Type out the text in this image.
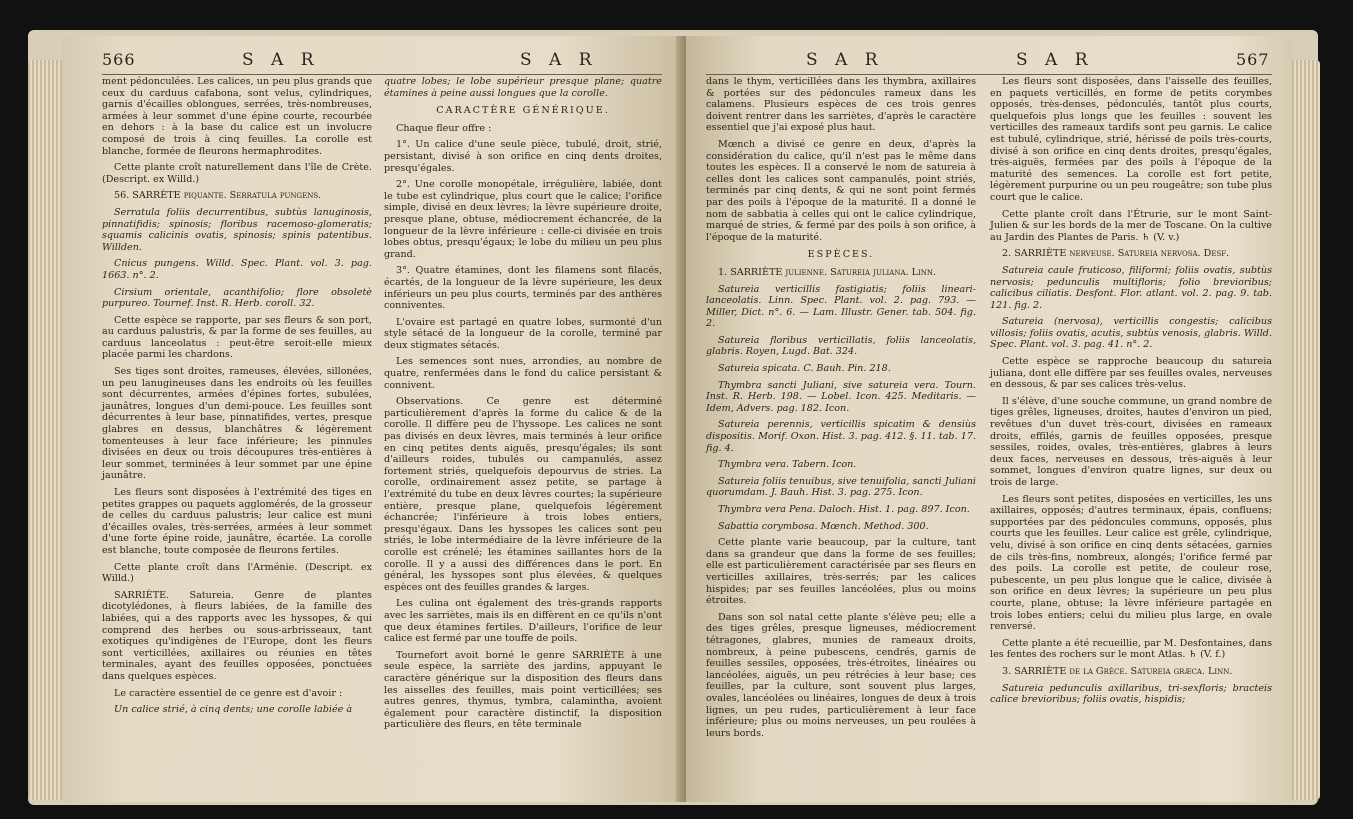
566	S A R	S A R

ment pédonculées. Les calices, un peu plus grands que ceux du carduus cafabona, sont velus, cylindriques, garnis d'écailles oblongues, serrées, très-nombreuses, armées à leur sommet d'une épine courte, recourbée en dehors : à la base du calice est un involucre composé de trois à cinq feuilles. La corolle est blanche, formée de fleurons hermaphrodites.

Cette plante croît naturellement dans l'île de Crète. (Descript. ex Willd.)

56. SARRÈTE piquante. Serratula pungens.

Serratula foliis decurrentibus, subtùs lanuginosis, pinnatifidis; spinosis; floribus racemoso-glomeratis; squamis calicinis ovatis, spinosis; spinis patentibus. Willden.

Cnicus pungens. Willd. Spec. Plant. vol. 3. pag. 1663. n°. 2.

Cirsium orientale, acanthifolio; flore obsoletè purpureo. Tournef. Inst. R. Herb. coroll. 32.

Cette espèce se rapporte, par ses fleurs & son port, au carduus palustris, & par la forme de ses feuilles, au carduus lanceolatus : peut-être seroit-elle mieux placée parmi les chardons.

Ses tiges sont droites, rameuses, élevées, sillonées, un peu lanugineuses dans les endroits où les feuilles sont décurrentes, armées d'épines fortes, subulées, jaunâtres, longues d'un demi-pouce. Les feuilles sont décurrentes à leur base, pinnatifides, vertes, presque glabres en dessus, blanchâtres & légèrement tomenteuses à leur face inférieure; les pinnules divisées en deux ou trois découpures très-entières à leur sommet, terminées à leur sommet par une épine jaunâtre.

Les fleurs sont disposées à l'extrémité des tiges en petites grappes ou paquets agglomérés, de la grosseur de celles du carduus palustris; leur calice est muni d'écailles ovales, très-serrées, armées à leur sommet d'une forte épine roide, jaunâtre, écartée. La corolle est blanche, toute composée de fleurons fertiles.

Cette plante croît dans l'Arménie. (Descript. ex Willd.)

SARRIÈTE. Satureia. Genre de plantes dicotylédones, à fleurs labiées, de la famille des labiées, qui a des rapports avec les hyssopes, & qui comprend des herbes ou sous-arbrisseaux, tant exotiques qu'indigènes de l'Europe, dont les fleurs sont verticillées, axillaires ou réunies en têtes terminales, ayant des feuilles opposées, ponctuées dans quelques espèces.

Le caractère essentiel de ce genre est d'avoir :

Un calice strié, à cinq dents; une corolle labiée à

quatre lobes; le lobe supérieur presque plane; quatre étamines à peine aussi longues que la corolle.

CARACTÈRE GÉNÉRIQUE.

Chaque fleur offre :

1°. Un calice d'une seule pièce, tubulé, droit, strié, persistant, divisé à son orifice en cinq dents droites, presqu'égales.

2°. Une corolle monopétale, irrégulière, labiée, dont le tube est cylindrique, plus court que le calice; l'orifice simple, divisé en deux lèvres; la lèvre supérieure droite, presque plane, obtuse, médiocrement échancrée, de la longueur de la lèvre inférieure : celle-ci divisée en trois lobes obtus, presqu'égaux; le lobe du milieu un peu plus grand.

3°. Quatre étamines, dont les filamens sont filacés, écartés, de la longueur de la lèvre supérieure, les deux inférieurs un peu plus courts, terminés par des anthères conniventes.

L'ovaire est partagé en quatre lobes, surmonté d'un style sétacé de la longueur de la corolle, terminé par deux stigmates sétacés.

Les semences sont nues, arrondies, au nombre de quatre, renfermées dans le fond du calice persistant & connivent.

Observations. Ce genre est déterminé particulièrement d'après la forme du calice & de la corolle. Il diffère peu de l'hyssope. Les calices ne sont pas divisés en deux lèvres, mais terminés à leur orifice en cinq petites dents aiguës, presqu'égales; ils sont d'ailleurs roides, tubulés ou campanulés, assez fortement striés, quelquefois depourvus de stries. La corolle, ordinairement assez petite, se partage à l'extrémité du tube en deux lèvres courtes; la supérieure entière, presque plane, quelquefois légèrement échancrée; l'inférieure à trois lobes entiers, presqu'égaux. Dans les hyssopes les calices sont peu striés, le lobe intermédiaire de la lèvre inférieure de la corolle est crénelé; les étamines saillantes hors de la corolle. Il y a aussi des différences dans le port. En général, les hyssopes sont plus élevées, & quelques espèces ont des feuilles grandes & larges.

Les culina ont également des très-grands rapports avec les sarriètes, mais ils en diffèrent en ce qu'ils n'ont que deux étamines fertiles. D'ailleurs, l'orifice de leur calice est fermé par une touffe de poils.

Tournefort avoit borné le genre SARRIÈTE à une seule espèce, la sarriète des jardins, appuyant le caractère générique sur la disposition des fleurs dans les aisselles des feuilles, mais point verticillées; ses autres genres, thymus, tymbra, calamintha, avoient également pour caractère distinctif, la disposition particulière des fleurs, en tête terminale

S A R	S A R	567

dans le thym, verticillées dans les thymbra, axillaires & portées sur des pédoncules rameux dans les calamens. Plusieurs espèces de ces trois genres doivent rentrer dans les sarriètes, d'après le caractère essentiel que j'ai exposé plus haut.

Mœnch a divisé ce genre en deux, d'après la considération du calice, qu'il n'est pas le même dans toutes les espèces. Il a conservé le nom de satureia à celles dont les calices sont campanulés, point striés, terminés par cinq dents, & qui ne sont point fermés par des poils à l'époque de la maturité. Il a donné le nom de sabbatia à celles qui ont le calice cylindrique, marqué de stries, & fermé par des poils à son orifice, à l'époque de la maturité.

ESPÈCES.

1. SARRIÈTE julienne. Satureia juliana. Linn.

Satureia verticillis fastigiatis; foliis lineari-lanceolatis. Linn. Spec. Plant. vol. 2. pag. 793. — Miller, Dict. n°. 6. — Lam. Illustr. Gener. tab. 504. fig. 2.

Satureia floribus verticillatis, foliis lanceolatis, glabris. Royen, Lugd. Bat. 324.

Satureia spicata. C. Bauh. Pin. 218.

Thymbra sancti Juliani, sive satureia vera. Tourn. Inst. R. Herb. 198. — Lobel. Icon. 425. Meditaris. — Idem, Advers. pag. 182. Icon.

Satureia perennis, verticillis spicatim & densiùs dispositis. Morif. Oxon. Hist. 3. pag. 412. §. 11. tab. 17. fig. 4.

Thymbra vera. Tabern. Icon.

Satureia foliis tenuibus, sive tenuifolia, sancti Juliani quorumdam. J. Bauh. Hist. 3. pag. 275. Icon.

Thymbra vera Pena. Daloch. Hist. 1. pag. 897. Icon.

Sabattia corymbosa. Mœnch. Method. 300.

Cette plante varie beaucoup, par la culture, tant dans sa grandeur que dans la forme de ses feuilles; elle est particulièrement caractérisée par ses fleurs en verticilles axillaires, très-serrés; par les calices hispides; par ses feuilles lancéolées, plus ou moins étroites.

Dans son sol natal cette plante s'élève peu; elle a des tiges grêles, presque ligneuses, médiocrement tétragones, glabres, munies de rameaux droits, nombreux, à peine pubescens, cendrés, garnis de feuilles sessiles, opposées, très-étroites, linéaires ou lancéolées, aiguës, un peu rétrécies à leur base; ces feuilles, par la culture, sont souvent plus larges, ovales, lancéolées ou linéaires, longues de deux à trois lignes, un peu rudes, particulièrement à leur face inférieure; plus ou moins nerveuses, un peu roulées à leurs bords.

Les fleurs sont disposées, dans l'aisselle des feuilles, en paquets verticillés, en forme de petits corymbes opposés, très-denses, pédonculés, tantôt plus courts, quelquefois plus longs que les feuilles : souvent les verticilles des rameaux tardifs sont peu garnis. Le calice est tubulé, cylindrique, strié, hérissé de poils très-courts, divisé à son orifice en cinq dents droites, presqu'égales, très-aiguës, fermées par des poils à l'époque de la maturité des semences. La corolle est fort petite, légèrement purpurine ou un peu rougeâtre; son tube plus court que le calice.

Cette plante croît dans l'Étrurie, sur le mont Saint-Julien & sur les bords de la mer de Toscane. On la cultive au Jardin des Plantes de Paris. ♄ (V. v.)

2. SARRIÈTE nerveuse. Satureia nervosa. Desf.

Satureia caule fruticoso, filiformi; foliis ovatis, subtùs nervosis; pedunculis multifloris; folio brevioribus; calicibus ciliatis. Desfont. Flor. atlant. vol. 2. pag. 9. tab. 121. fig. 2.

Satureia (nervosa), verticillis congestis; calicibus villosis; foliis ovatis, acutis, subtùs venosis, glabris. Willd. Spec. Plant. vol. 3. pag. 41. n°. 2.

Cette espèce se rapproche beaucoup du satureia juliana, dont elle diffère par ses feuilles ovales, nerveuses en dessous, & par ses calices très-velus.

Il s'élève, d'une souche commune, un grand nombre de tiges grêles, ligneuses, droites, hautes d'environ un pied, revêtues d'un duvet très-court, divisées en rameaux droits, effilés, garnis de feuilles opposées, presque sessiles, roides, ovales, très-entières, glabres à leurs deux faces, nerveuses en dessous, très-aiguës à leur sommet, longues d'environ quatre lignes, sur deux ou trois de large.

Les fleurs sont petites, disposées en verticilles, les uns axillaires, opposés; d'autres terminaux, épais, confluens; supportées par des pédoncules communs, opposés, plus courts que les feuilles. Leur calice est grêle, cylindrique, velu, divisé à son orifice en cinq dents sétacées, garnies de cils très-fins, nombreux, alongés; l'orifice fermé par des poils. La corolle est petite, de couleur rose, pubescente, un peu plus longue que le calice, divisée à son orifice en deux lèvres; la supérieure un peu plus courte, plane, obtuse; la lèvre inférieure partagée en trois lobes entiers; celui du milieu plus large, en ovale renversé.

Cette plante a été recueillie, par M. Desfontaines, dans les fentes des rochers sur le mont Atlas. ♄ (V. f.)

3. SARRIÈTE de la Grèce. Satureia græca. Linn.

Satureia pedunculis axillaribus, tri-sexfloris; bracteis calice brevioribus; foliis ovatis, hispidis;
